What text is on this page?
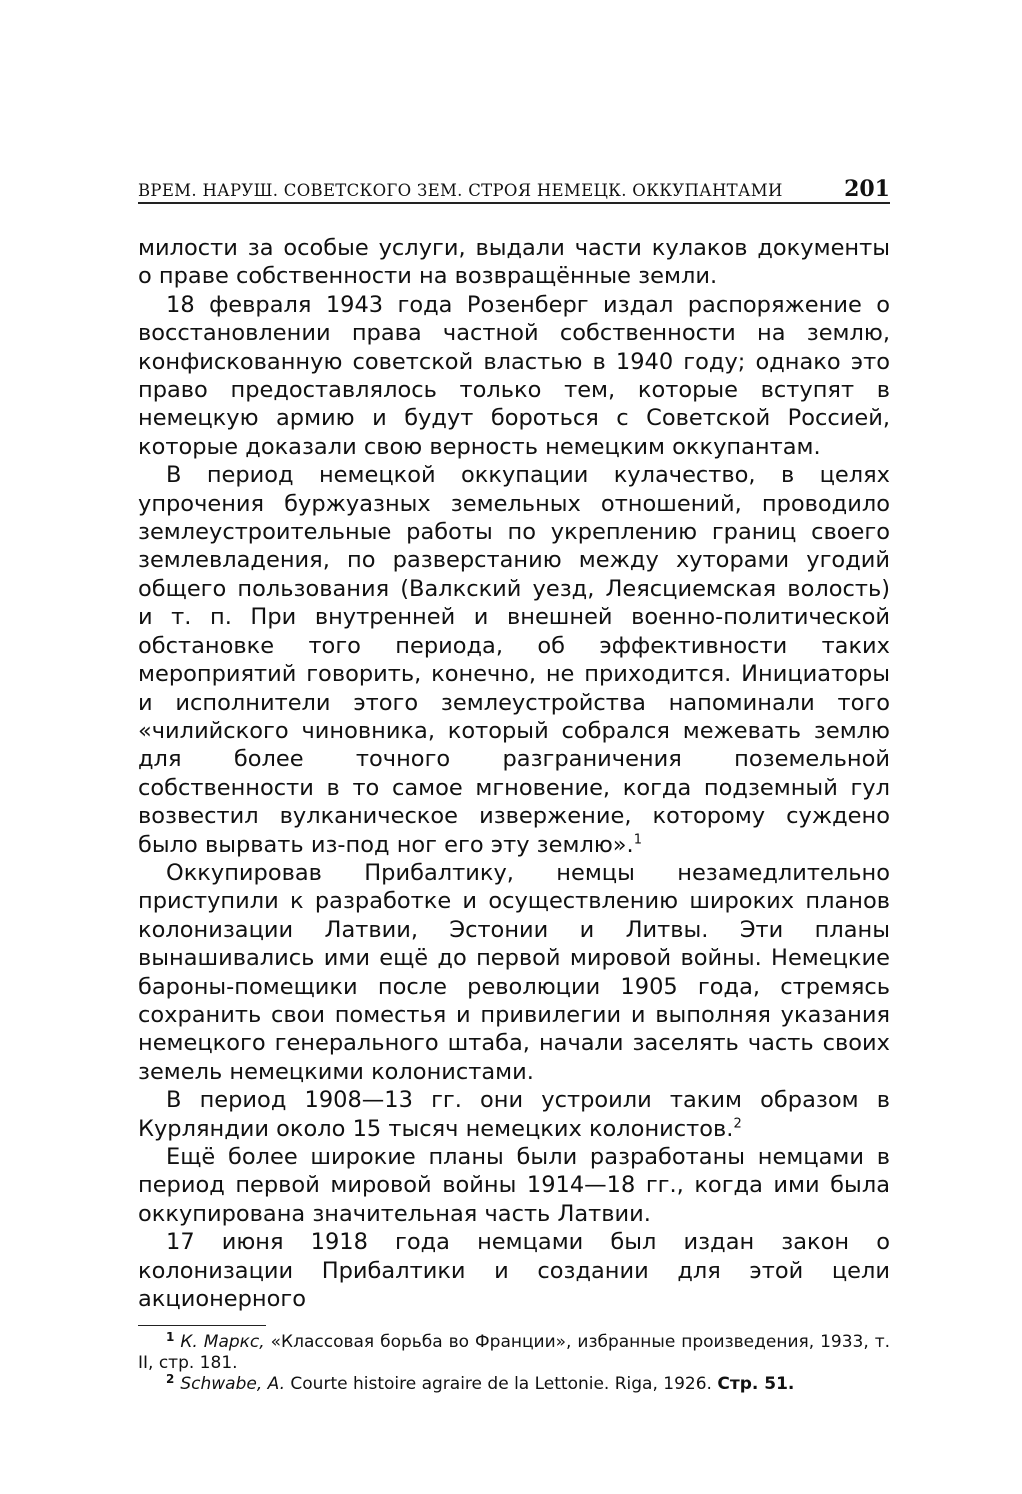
ВРЕМ. НАРУШ. СОВЕТСКОГО ЗЕМ. СТРОЯ НЕМЕЦК. ОККУПАНТАМИ	201

милости за особые услуги, выдали части кулаков документы о праве собственности на возвращённые земли.

18 февраля 1943 года Розенберг издал распоряжение о восстановлении права частной собственности на землю, конфискованную советской властью в 1940 году; однако это право предоставлялось только тем, которые вступят в немецкую армию и будут бороться с Советской Россией, которые доказали свою верность немецким оккупантам.

В период немецкой оккупации кулачество, в целях упрочения буржуазных земельных отношений, проводило землеустроительные работы по укреплению границ своего землевладения, по разверстанию между хуторами угодий общего пользования (Валкский уезд, Леясциемская волость) и т. п. При внутренней и внешней военно-политической обстановке того периода, об эффективности таких мероприятий говорить, конечно, не приходится. Инициаторы и исполнители этого землеустройства напоминали того «чилийского чиновника, который собрался межевать землю для более точного разграничения поземельной собственности в то самое мгновение, когда подземный гул возвестил вулканическое извержение, которому суждено было вырвать из-под ног его эту землю».$^1$

Оккупировав Прибалтику, немцы незамедлительно приступили к разработке и осуществлению широких планов колонизации Латвии, Эстонии и Литвы. Эти планы вынашивались ими ещё до первой мировой войны. Немецкие бароны-помещики после революции 1905 года, стремясь сохранить свои поместья и привилегии и выполняя указания немецкого генерального штаба, начали заселять часть своих земель немецкими колонистами.

В период 1908—13 гг. они устроили таким образом в Курляндии около 15 тысяч немецких колонистов.$^2$

Ещё более широкие планы были разработаны немцами в период первой мировой войны 1914—18 гг., когда ими была оккупирована значительная часть Латвии.

17 июня 1918 года немцами был издан закон о колонизации Прибалтики и создании для этой цели акционерного

$^1$ К. Маркс, «Классовая борьба во Франции», избранные произведения, 1933, т. II, стр. 181.

$^2$ Schwabe, A. Courte histoire agraire de la Lettonie. Riga, 1926. Стр. 51.
